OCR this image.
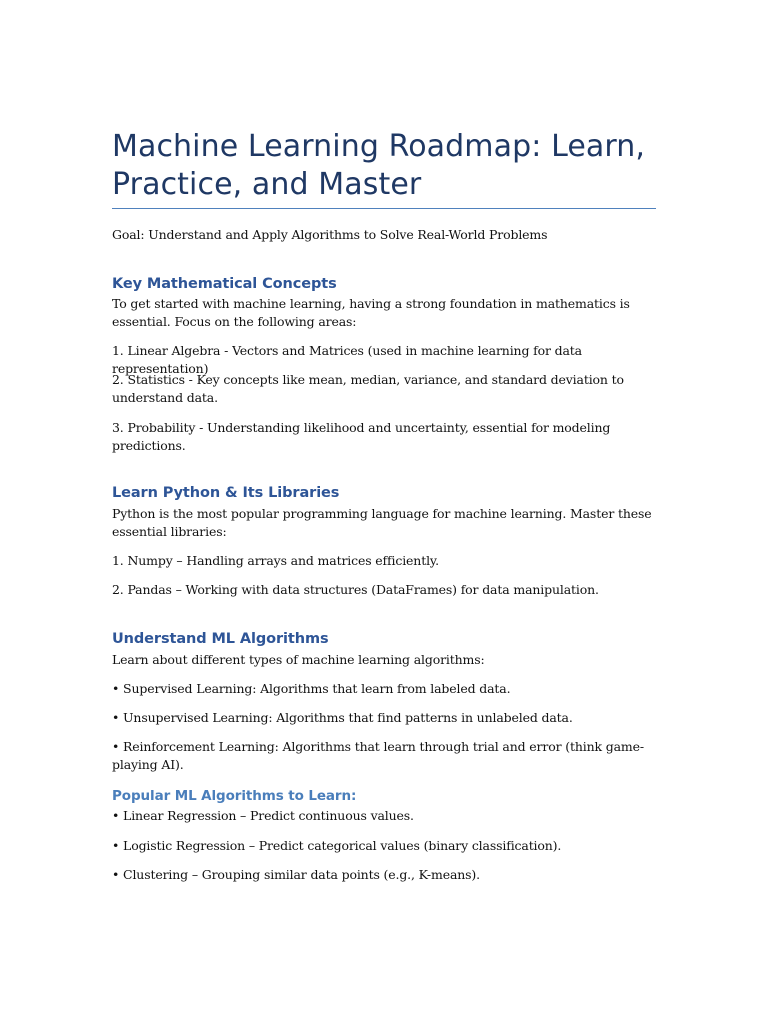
Machine Learning Roadmap: Learn, Practice, and Master

Goal: Understand and Apply Algorithms to Solve Real-World Problems

Key Mathematical Concepts

To get started with machine learning, having a strong foundation in mathematics is essential. Focus on the following areas:

1. Linear Algebra - Vectors and Matrices (used in machine learning for data representation)

2. Statistics - Key concepts like mean, median, variance, and standard deviation to understand data.

3. Probability - Understanding likelihood and uncertainty, essential for modeling predictions.

Learn Python & Its Libraries

Python is the most popular programming language for machine learning. Master these essential libraries:

1. Numpy – Handling arrays and matrices efficiently.

2. Pandas – Working with data structures (DataFrames) for data manipulation.

Understand ML Algorithms

Learn about different types of machine learning algorithms:

• Supervised Learning: Algorithms that learn from labeled data.

• Unsupervised Learning: Algorithms that find patterns in unlabeled data.

• Reinforcement Learning: Algorithms that learn through trial and error (think game-playing AI).

Popular ML Algorithms to Learn:

• Linear Regression – Predict continuous values.

• Logistic Regression – Predict categorical values (binary classification).

• Clustering – Grouping similar data points (e.g., K-means).
